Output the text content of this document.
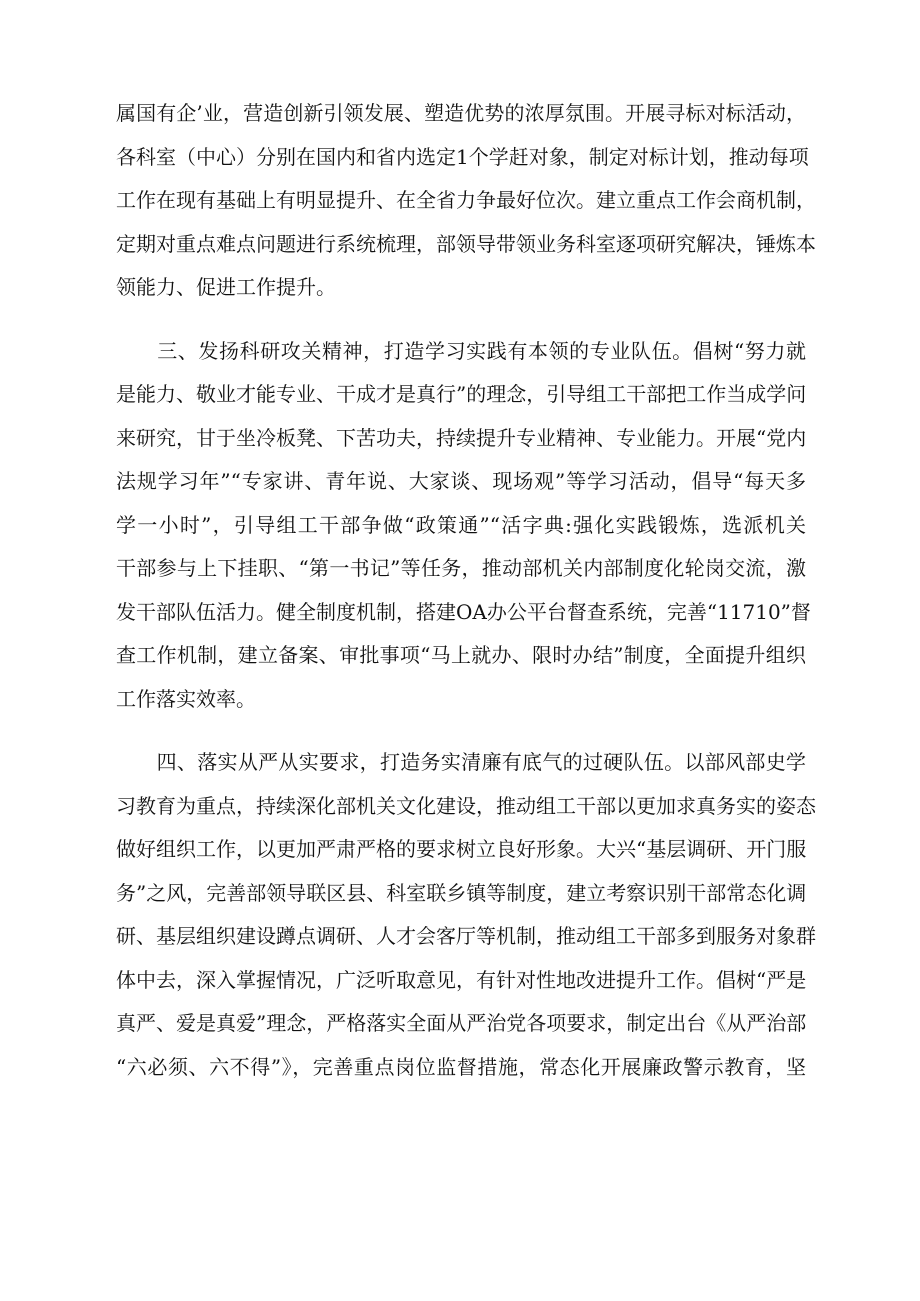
属国有企’业，营造创新引领发展、塑造优势的浓厚氛围。开展寻标对标活动，
各科室（中心）分别在国内和省内选定1个学赶对象，制定对标计划，推动每项
工作在现有基础上有明显提升、在全省力争最好位次。建立重点工作会商机制，
定期对重点难点问题进行系统梳理，部领导带领业务科室逐项研究解决，锤炼本
领能力、促进工作提升。
　　三、发扬科研攻关精神，打造学习实践有本领的专业队伍。倡树“努力就
是能力、敬业才能专业、干成才是真行”的理念，引导组工干部把工作当成学问
来研究，甘于坐冷板凳、下苦功夫，持续提升专业精神、专业能力。开展“党内
法规学习年”“专家讲、青年说、大家谈、现场观”等学习活动，倡导“每天多
学一小时”，引导组工干部争做“政策通”“活字典:强化实践锻炼，选派机关
干部参与上下挂职、“第一书记”等任务，推动部机关内部制度化轮岗交流，激
发干部队伍活力。健全制度机制，搭建OA办公平台督查系统，完善“11710”督
查工作机制，建立备案、审批事项“马上就办、限时办结”制度，全面提升组织
工作落实效率。
　　四、落实从严从实要求，打造务实清廉有底气的过硬队伍。以部风部史学
习教育为重点，持续深化部机关文化建设，推动组工干部以更加求真务实的姿态
做好组织工作，以更加严肃严格的要求树立良好形象。大兴“基层调研、开门服
务”之风，完善部领导联区县、科室联乡镇等制度，建立考察识别干部常态化调
研、基层组织建设蹲点调研、人才会客厅等机制，推动组工干部多到服务对象群
体中去，深入掌握情况，广泛听取意见，有针对性地改进提升工作。倡树“严是
真严、爱是真爱”理念，严格落实全面从严治党各项要求，制定出台《从严治部
“六必须、六不得”》，完善重点岗位监督措施，常态化开展廉政警示教育，坚
